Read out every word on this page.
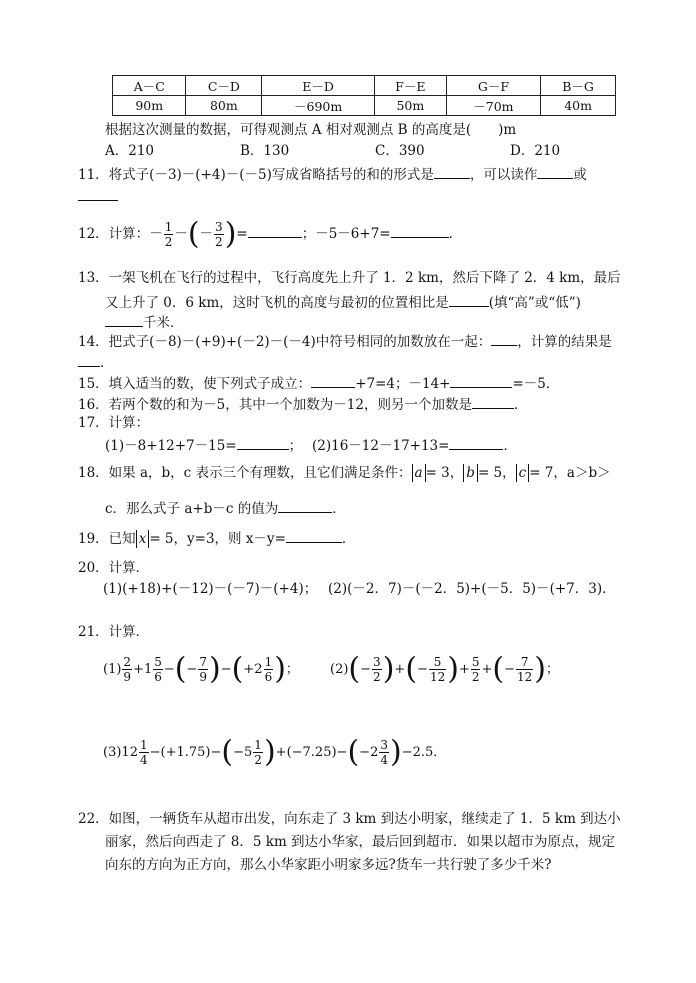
A－C	C－D	E－D	F－E	G－F	B－G
90m	80m	－690m	50m	－70m	40m
根据这次测量的数据，可得观测点 A 相对观测点 B 的高度是(　　)m
A．210	B．130	C．390	D．210
11．将式子(－3)－(+4)－(－5)写成省略括号的和的形式是	，可以读作	或
12．计算：－ $\frac{1}{2}$ －(－ $\frac{3}{2}$ )=	；－5－6+7=	．
13．一架飞机在飞行的过程中，飞行高度先上升了 1．2 km，然后下降了 2．4 km，最后
又上升了 0．6 km，这时飞机的高度与最初的位置相比是	(填“高”或“低”)
千米．
14．把式子(－8)－(+9)+(－2)－(－4)中符号相同的加数放在一起： ，计算的结果是
．
15．填入适当的数，使下列式子成立：	+7=4；－14+	=－5．
16．若两个数的和为－5，其中一个加数为－12，则另一个加数是	．
17．计算：
(1)－8+12+7－15=	； (2)16－12－17+13=	．
18．如果 a，b，c 表示三个有理数，且它们满足条件： a = 3， b = 5， c = 7，a＞b＞
c．那么式子 a+b－c 的值为	．
19．已知 x = 5，y=3，则 x－y=	．
20．计算．
(1)(+18)+(－12)－(－7)－(+4)； (2)(－2．7)－(－2．5)+(－5．5)－(+7．3)．
21．计算．
$(1) \frac{2}{9} +1 \frac{5}{6}$ −(− $\frac{7}{9} )-(+2 \frac{1}{6}$ )； $(2)(- \frac{3}{2}$ )+(− $\frac{5}{12}$ )+ $\frac{5}{2}$ +(− $\frac{7}{12}$ )；
$(3)12 \frac{1}{4} -(+1.75)-(-5 \frac{1}{2} )+(-7.25)-(-2 \frac{3}{4} )-2.5$．
22．如图，一辆货车从超市出发，向东走了 3 km 到达小明家，继续走了 1．5 km 到达小
丽家，然后向西走了 8．5 km 到达小华家，最后回到超市．如果以超市为原点，规定
向东的方向为正方向，那么小华家距小明家多远?货车一共行驶了多少千米?
